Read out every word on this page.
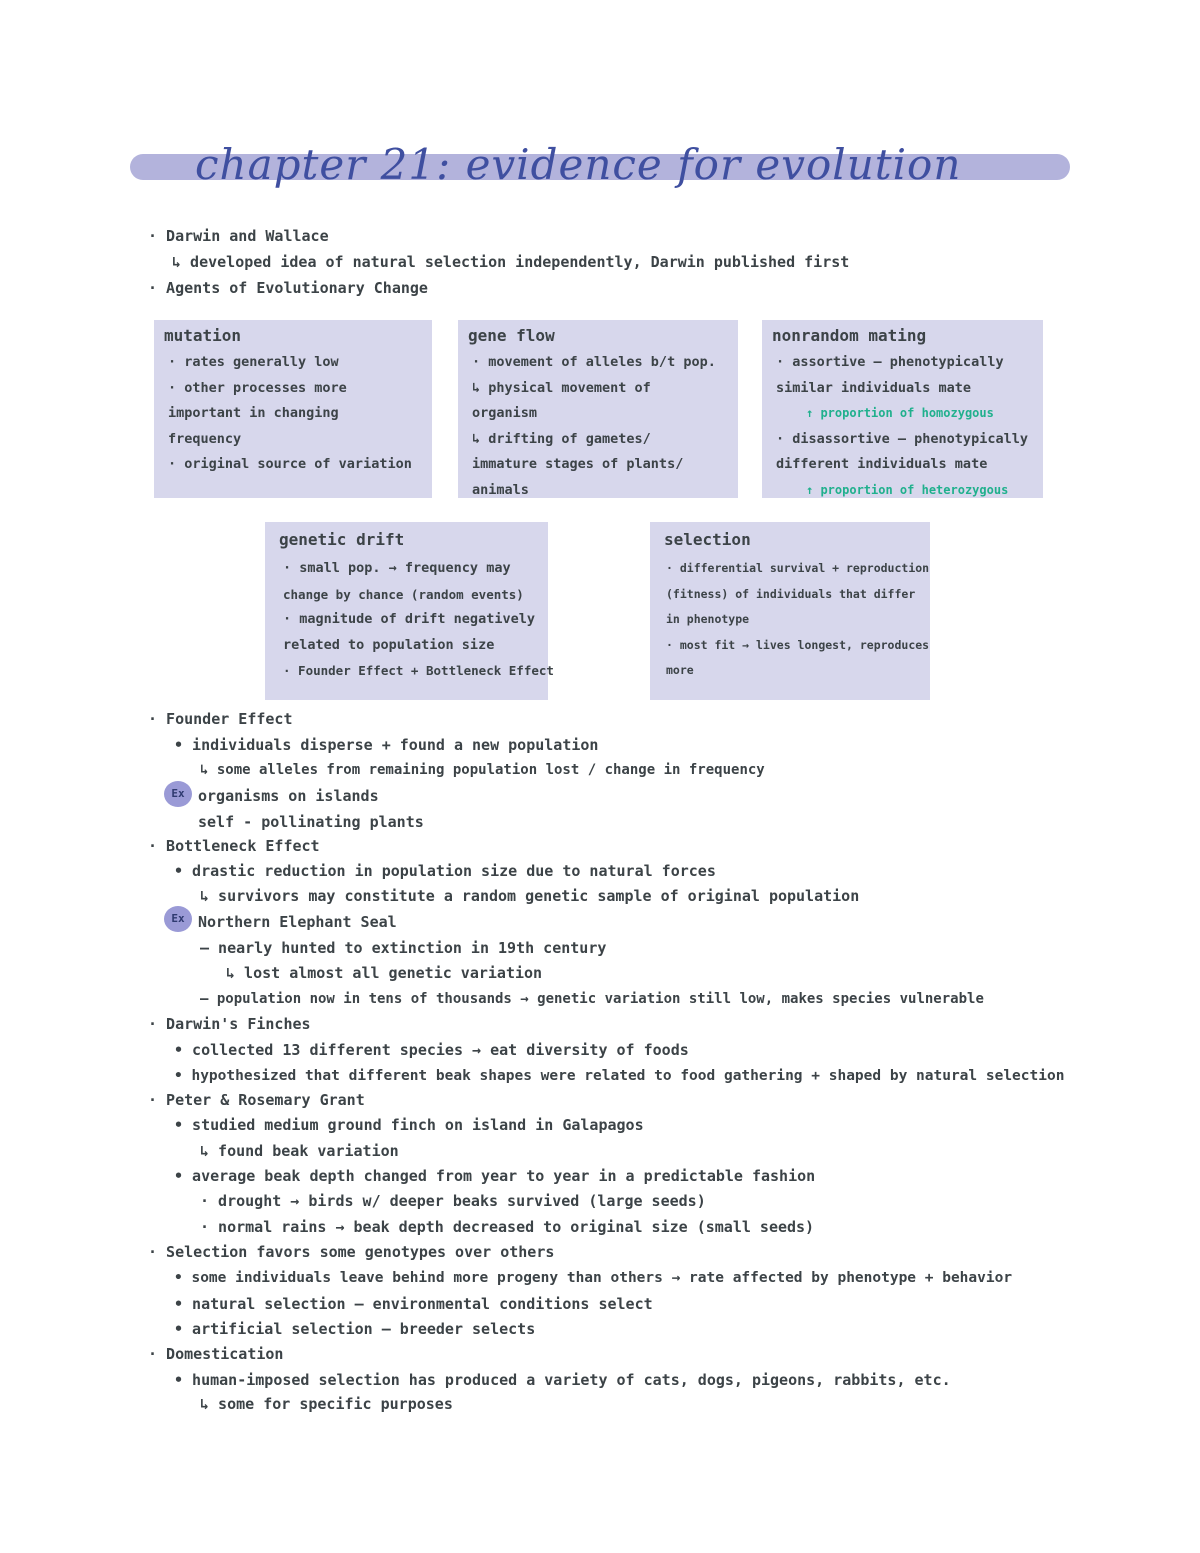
chapter 21: evidence for evolution
· Darwin and Wallace
↳ developed idea of natural selection independently, Darwin published first
· Agents of Evolutionary Change
mutation
· rates generally low
· other processes more
important in changing
frequency
· original source of variation
gene flow
· movement of alleles b/t pop.
↳ physical movement of
organism
↳ drifting of gametes/
immature stages of plants/
animals
nonrandom mating
· assortive – phenotypically
similar individuals mate
↑ proportion of homozygous
· disassortive – phenotypically
different individuals mate
↑ proportion of heterozygous
genetic drift
· small pop. → frequency may
change by chance (random events)
· magnitude of drift negatively
related to population size
· Founder Effect + Bottleneck Effect
selection
· differential survival + reproduction
(fitness) of individuals that differ
in phenotype
· most fit → lives longest, reproduces
more
Ex
Ex
· Founder Effect
• individuals disperse + found a new population
↳ some alleles from remaining population lost / change in frequency
organisms on islands
self - pollinating plants
· Bottleneck Effect
• drastic reduction in population size due to natural forces
↳ survivors may constitute a random genetic sample of original population
Northern Elephant Seal
– nearly hunted to extinction in 19th century
↳ lost almost all genetic variation
– population now in tens of thousands → genetic variation still low, makes species vulnerable
· Darwin's Finches
• collected 13 different species → eat diversity of foods
• hypothesized that different beak shapes were related to food gathering + shaped by natural selection
· Peter & Rosemary Grant
• studied medium ground finch on island in Galapagos
↳ found beak variation
• average beak depth changed from year to year in a predictable fashion
· drought → birds w/ deeper beaks survived (large seeds)
· normal rains → beak depth decreased to original size (small seeds)
· Selection favors some genotypes over others
• some individuals leave behind more progeny than others → rate affected by phenotype + behavior
• natural selection – environmental conditions select
• artificial selection – breeder selects
· Domestication
• human-imposed selection has produced a variety of cats, dogs, pigeons, rabbits, etc.
↳ some for specific purposes
